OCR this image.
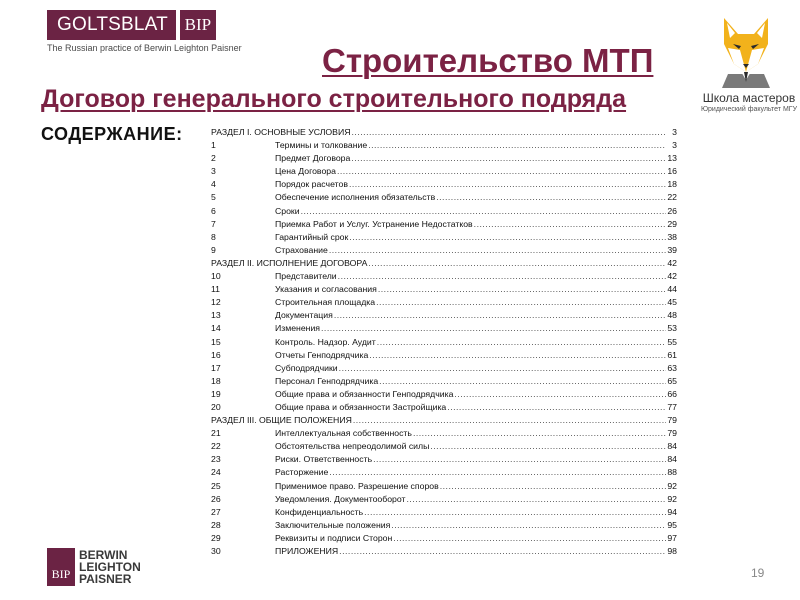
GOLTSBLAT BIP
The Russian practice of Berwin Leighton Paisner Строительство МТП
Договор генерального строительного подряда
СОДЕРЖАНИЕ:
Школа мастеров
Юридический факультет МГУ
РАЗДЕЛ I. ОСНОВНЫЕ УСЛОВИЯ .....	3
1	Термины и толкование .....	3
2	Предмет Договора .....	13
3	Цена Договора .....	16
4	Порядок расчетов .....	18
5	Обеспечение исполнения обязательств .....	22
6	Сроки .....	26
7	Приемка Работ и Услуг. Устранение Недостатков .....	29
8	Гарантийный срок .....	38
9	Страхование .....	39
РАЗДЕЛ II. ИСПОЛНЕНИЕ ДОГОВОРА .....	42
10	Представители .....	42
11	Указания и согласования .....	44
12	Строительная площадка .....	45
13	Документация .....	48
14	Изменения .....	53
15	Контроль. Надзор. Аудит .....	55
16	Отчеты Генподрядчика .....	61
17	Субподрядчики .....	63
18	Персонал Генподрядчика .....	65
19	Общие права и обязанности Генподрядчика .....	66
20	Общие права и обязанности Застройщика .....	77
РАЗДЕЛ III. ОБЩИЕ ПОЛОЖЕНИЯ .....	79
21	Интеллектуальная собственность .....	79
22	Обстоятельства непреодолимой силы .....	84
23	Риски. Ответственность .....	84
24	Расторжение .....	88
25	Применимое право. Разрешение споров .....	92
26	Уведомления. Документооборот .....	92
27	Конфиденциальность .....	94
28	Заключительные положения .....	95
29	Реквизиты и подписи Сторон .....	97
30	ПРИЛОЖЕНИЯ .....	98
BIP
BERWIN
LEIGHTON
PAISNER	19
